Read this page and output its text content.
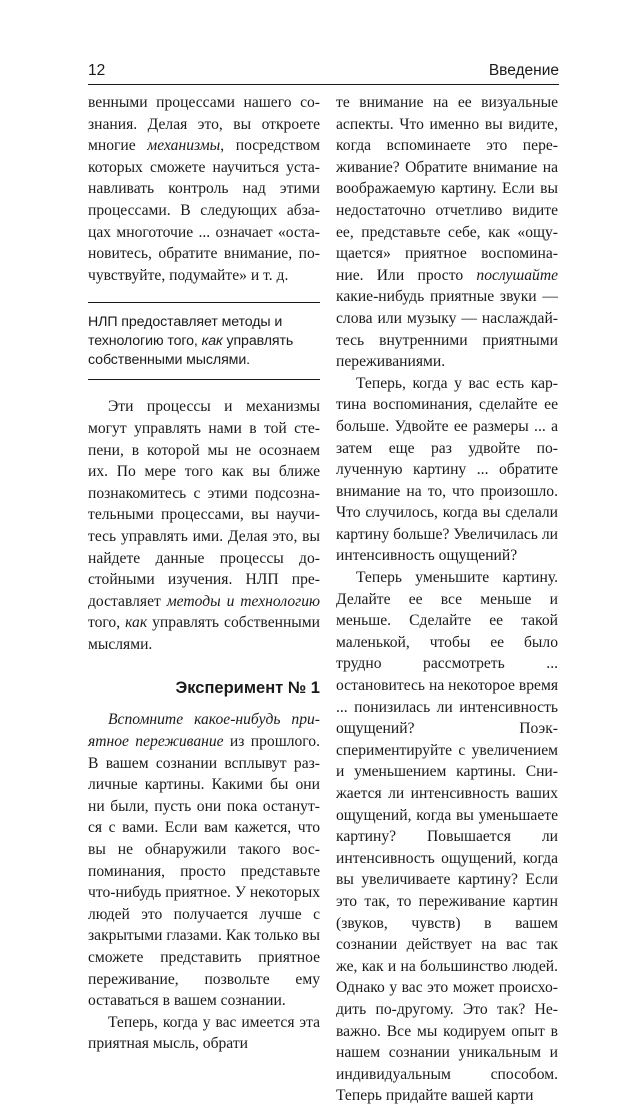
12	Введение

венными процессами нашего сознания. Делая это, вы откроете многие механизмы, посредством которых сможете научиться устанавливать контроль над этими процессами. В следующих абзацах многоточие ... означает «остановитесь, обратите внимание, почувствуйте, подумайте» и т. д.

НЛП предоставляет методы и технологию того, как управлять собственными мыслями.

Эти процессы и механизмы могут управлять нами в той степени, в которой мы не осознаем их. По мере того как вы ближе познакомитесь с этими подсознательными процессами, вы научитесь управлять ими. Делая это, вы найдете данные процессы достойными изучения. НЛП предоставляет методы и технологию того, как управлять собственными мыслями.

Эксперимент № 1

Вспомните какое-нибудь приятное переживание из прошлого. В вашем сознании всплывут различные картины. Какими бы они ни были, пусть они пока останутся с вами. Если вам кажется, что вы не обнаружили такого воспоминания, просто представьте что-нибудь приятное. У некоторых людей это получается лучше с закрытыми глазами. Как только вы сможете представить приятное переживание, позвольте ему оставаться в вашем сознании.

Теперь, когда у вас имеется эта приятная мысль, обрати

те внимание на ее визуальные аспекты. Что именно вы видите, когда вспоминаете это переживание? Обратите внимание на воображаемую картину. Если вы недостаточно отчетливо видите ее, представьте себе, как «ощущается» приятное воспоминание. Или просто послушайте какие-нибудь приятные звуки — слова или музыку — наслаждайтесь внутренними приятными переживаниями.

Теперь, когда у вас есть картина воспоминания, сделайте ее больше. Удвойте ее размеры ... а затем еще раз удвойте полученную картину ... обратите внимание на то, что произошло. Что случилось, когда вы сделали картину больше? Увеличилась ли интенсивность ощущений?

Теперь уменьшите картину. Делайте ее все меньше и меньше. Сделайте ее такой маленькой, чтобы ее было трудно рассмотреть ... остановитесь на некоторое время ... понизилась ли интенсивность ощущений? Поэкспериментируйте с увеличением и уменьшением картины. Снижается ли интенсивность ваших ощущений, когда вы уменьшаете картину? Повышается ли интенсивность ощущений, когда вы увеличиваете картину? Если это так, то переживание картин (звуков, чувств) в вашем сознании действует на вас так же, как и на большинство людей. Однако у вас это может происходить по-другому. Это так? Неважно. Все мы кодируем опыт в нашем сознании уникальным и индивидуальным способом. Теперь придайте вашей карти
